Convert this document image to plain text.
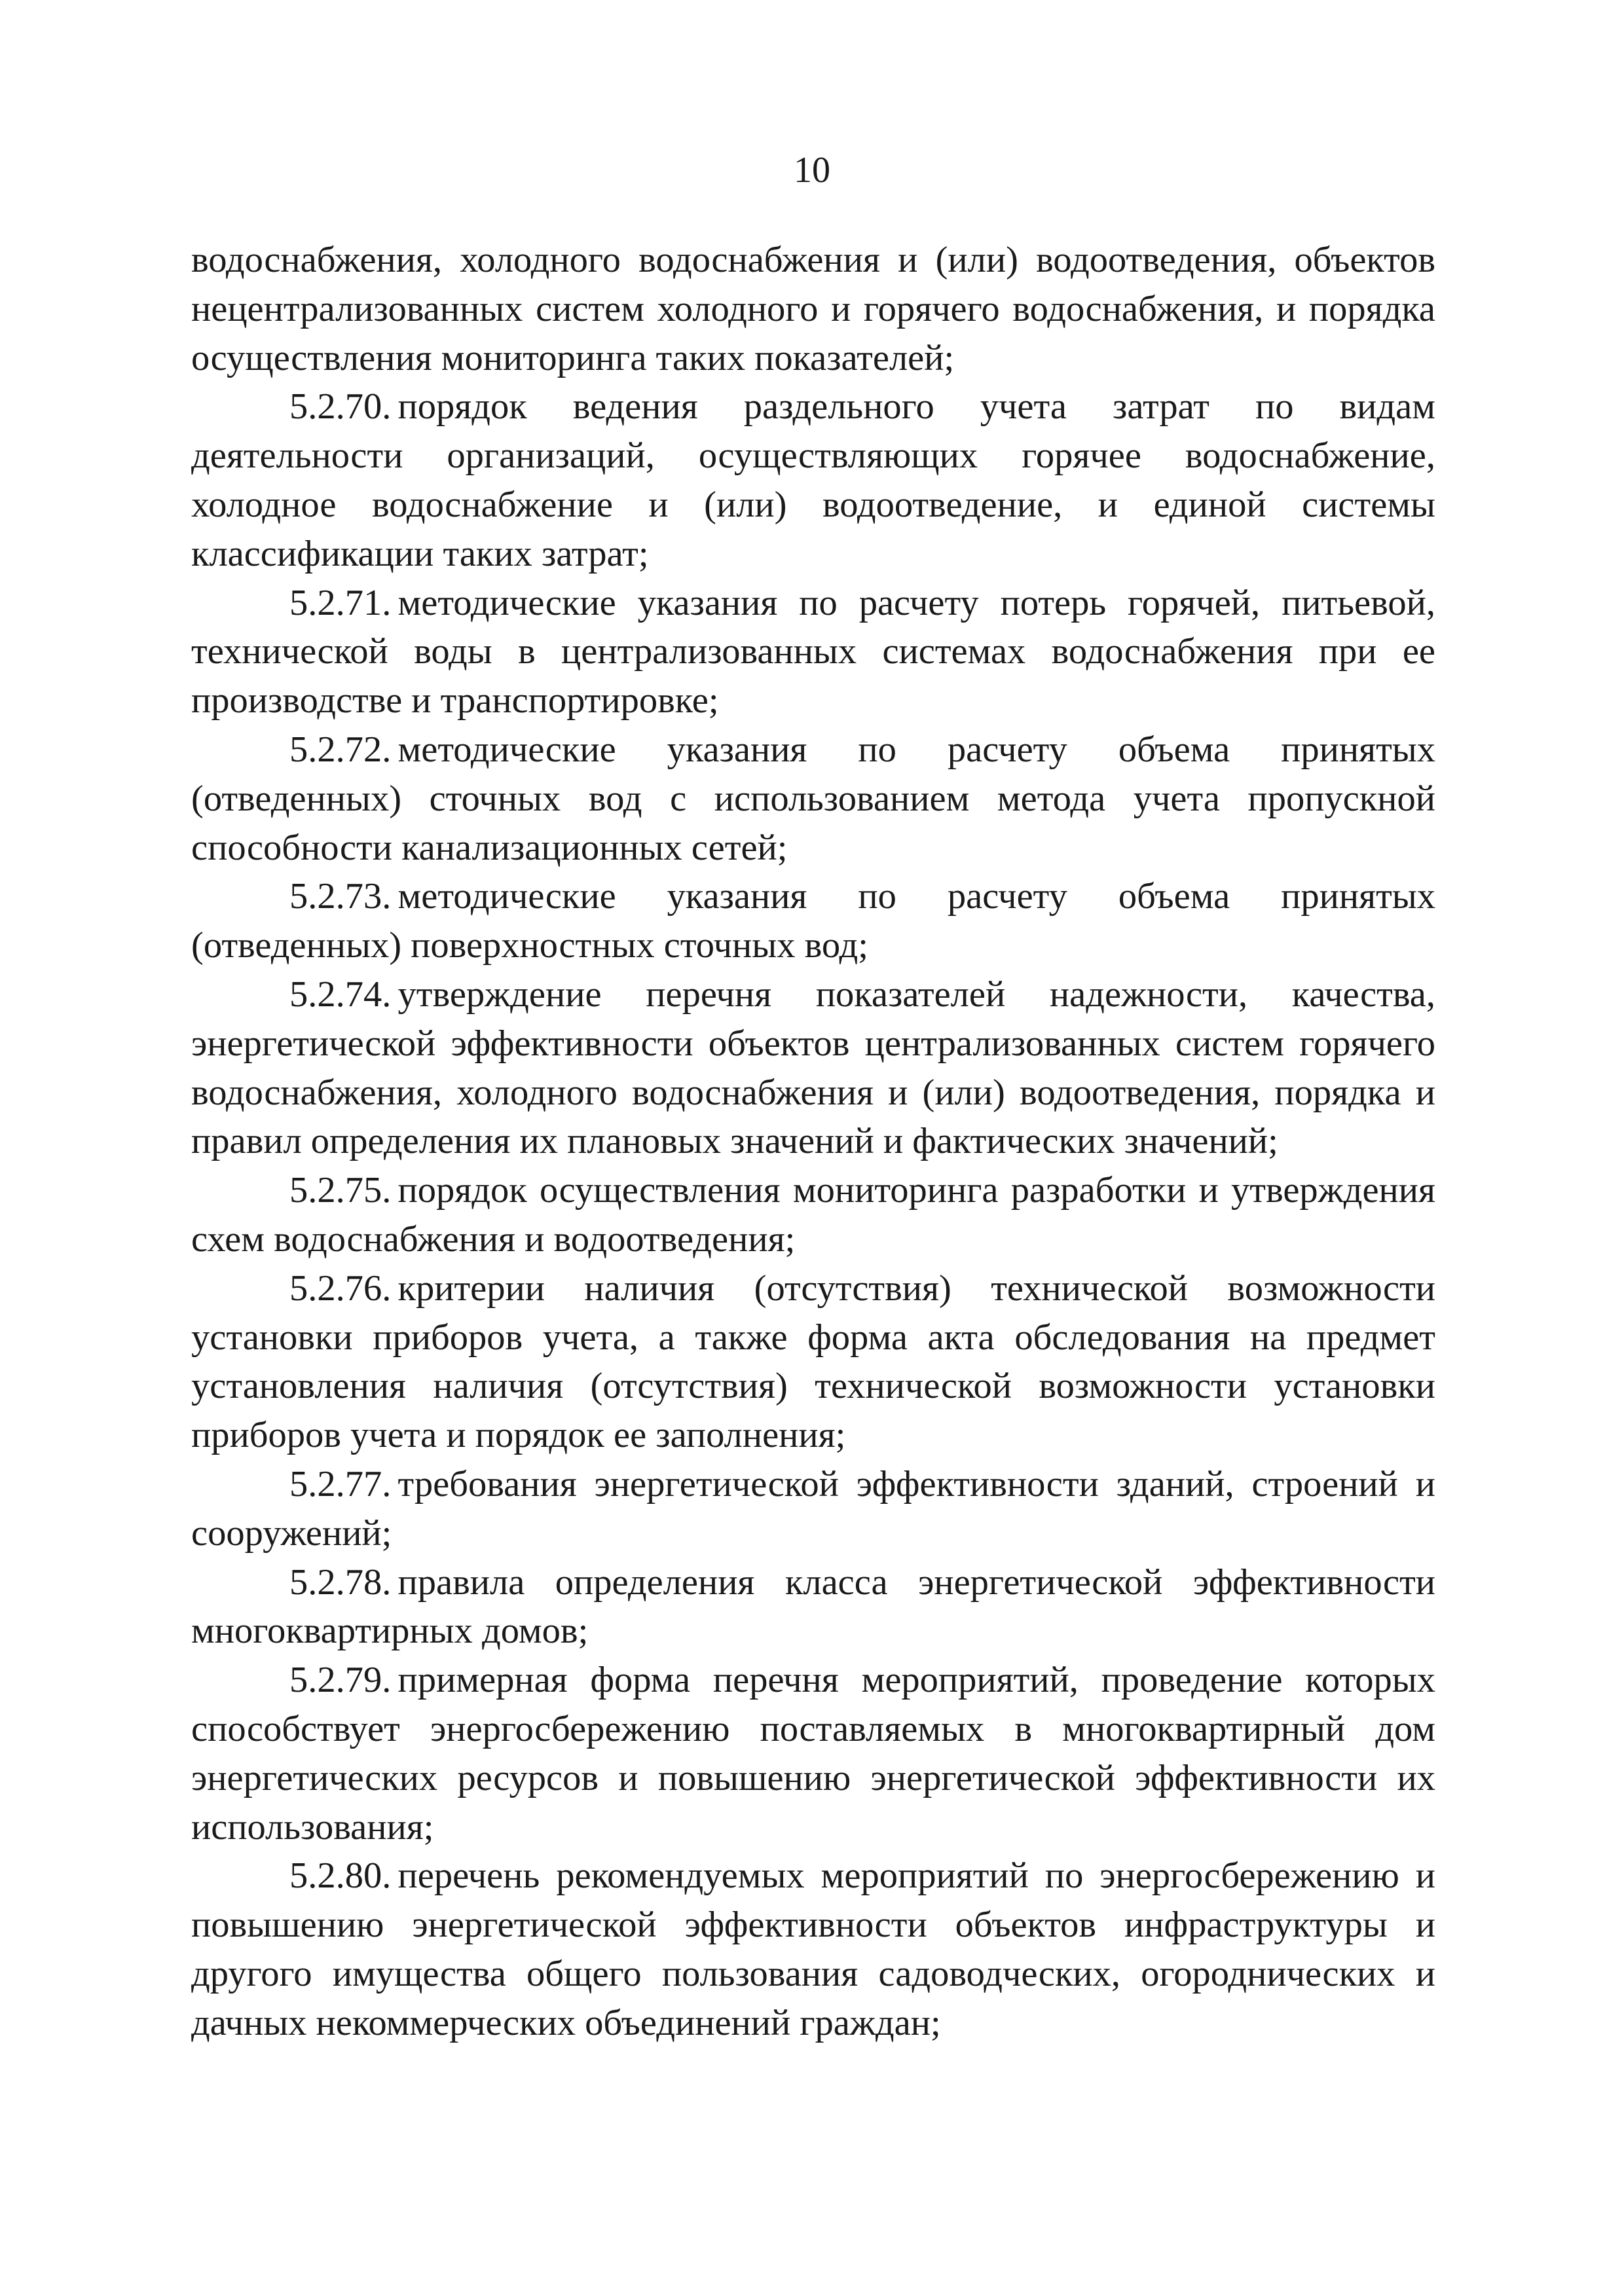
10

водоснабжения, холодного водоснабжения и (или) водоотведения, объектов нецентрализованных систем холодного и горячего водоснабжения, и порядка осуществления мониторинга таких показателей;

5.2.70. порядок ведения раздельного учета затрат по видам деятельности организаций, осуществляющих горячее водоснабжение, холодное водоснабжение и (или) водоотведение, и единой системы классификации таких затрат;

5.2.71. методические указания по расчету потерь горячей, питьевой, технической воды в централизованных системах водоснабжения при ее производстве и транспортировке;

5.2.72. методические указания по расчету объема принятых (отведенных) сточных вод с использованием метода учета пропускной способности канализационных сетей;

5.2.73. методические указания по расчету объема принятых (отведенных) поверхностных сточных вод;

5.2.74. утверждение перечня показателей надежности, качества, энергетической эффективности объектов централизованных систем горячего водоснабжения, холодного водоснабжения и (или) водоотведения, порядка и правил определения их плановых значений и фактических значений;

5.2.75. порядок осуществления мониторинга разработки и утверждения схем водоснабжения и водоотведения;

5.2.76. критерии наличия (отсутствия) технической возможности установки приборов учета, а также форма акта обследования на предмет установления наличия (отсутствия) технической возможности установки приборов учета и порядок ее заполнения;

5.2.77. требования энергетической эффективности зданий, строений и сооружений;

5.2.78. правила определения класса энергетической эффективности многоквартирных домов;

5.2.79. примерная форма перечня мероприятий, проведение которых способствует энергосбережению поставляемых в многоквартирный дом энергетических ресурсов и повышению энергетической эффективности их использования;

5.2.80. перечень рекомендуемых мероприятий по энергосбережению и повышению энергетической эффективности объектов инфраструктуры и другого имущества общего пользования садоводческих, огороднических и дачных некоммерческих объединений граждан;
